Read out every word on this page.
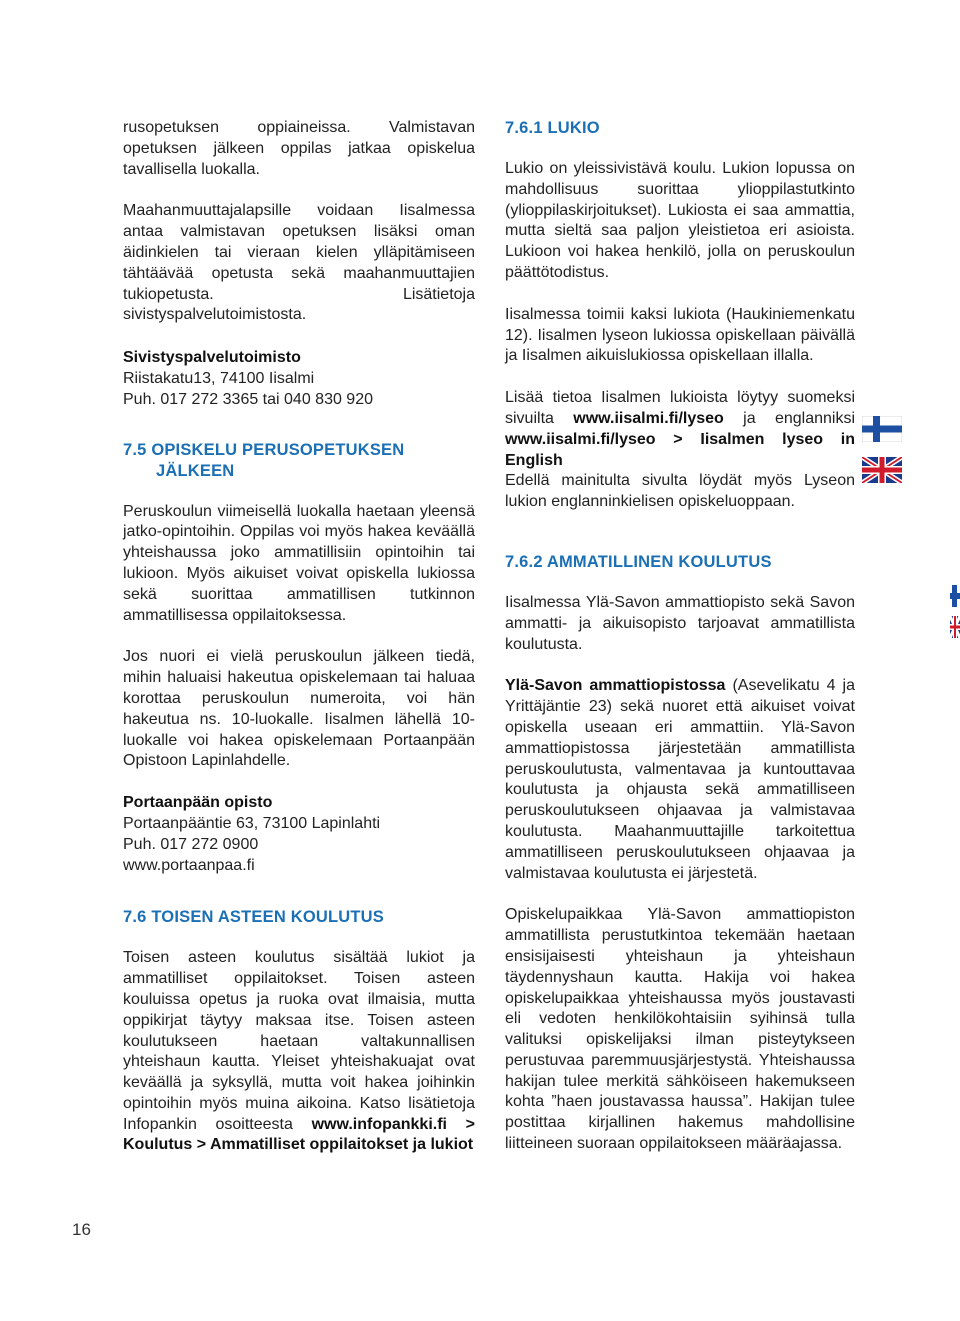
rusopetuksen oppiaineissa. Valmistavan opetuksen jälkeen oppilas jatkaa opiskelua tavallisella luokalla.

Maahanmuuttajalapsille voidaan Iisalmessa antaa valmistavan opetuksen lisäksi oman äidinkielen tai vieraan kielen ylläpitämiseen tähtäävää opetusta sekä maahanmuuttajien tukiopetusta. Lisätietoja sivistyspalvelutoimistosta.

Sivistyspalvelutoimisto
Riistakatu13, 74100 Iisalmi
Puh. 017 272 3365 tai 040 830 920
7.5 OPISKELU PERUSOPETUKSEN
JÄLKEEN

Peruskoulun viimeisellä luokalla haetaan yleensä jatko-opintoihin. Oppilas voi myös hakea keväällä yhteishaussa joko ammatillisiin opintoihin tai lukioon. Myös aikuiset voivat opiskella lukiossa sekä suorittaa ammatillisen tutkinnon ammatillisessa oppilaitoksessa.

Jos nuori ei vielä peruskoulun jälkeen tiedä, mihin haluaisi hakeutua opiskelemaan tai haluaa korottaa peruskoulun numeroita, voi hän hakeutua ns. 10-luokalle. Iisalmen lähellä 10-luokalle voi hakea opiskelemaan Portaanpään Opistoon Lapinlahdelle.

Portaanpään opisto
Portaanpääntie 63, 73100 Lapinlahti
Puh. 017 272 0900
www.portaanpaa.fi
7.6 TOISEN ASTEEN KOULUTUS

Toisen asteen koulutus sisältää lukiot ja ammatilliset oppilaitokset. Toisen asteen kouluissa opetus ja ruoka ovat ilmaisia, mutta oppikirjat täytyy maksaa itse. Toisen asteen koulutukseen haetaan valtakunnallisen yhteishaun kautta. Yleiset yhteishakuajat ovat keväällä ja syksyllä, mutta voit hakea joihinkin opintoihin myös muina aikoina. Katso lisätietoja Infopankin osoitteesta www.infopankki.fi > Koulutus > Ammatilliset oppilaitokset ja lukiot

7.6.1 LUKIO

Lukio on yleissivistävä koulu. Lukion lopussa on mahdollisuus suorittaa ylioppilastutkinto (ylioppilaskirjoitukset). Lukiosta ei saa ammattia, mutta sieltä saa paljon yleistietoa eri asioista. Lukioon voi hakea henkilö, jolla on peruskoulun päättötodistus.

Iisalmessa toimii kaksi lukiota (Haukiniemenkatu 12). Iisalmen lyseon lukiossa opiskellaan päivällä ja Iisalmen aikuislukiossa opiskellaan illalla.

Lisää tietoa Iisalmen lukioista löytyy suomeksi sivuilta www.iisalmi.fi/lyseo ja englanniksi www.iisalmi.fi/lyseo > Iisalmen lyseo in English

Edellä mainitulta sivulta löydät myös Lyseon lukion englanninkielisen opiskeluoppaan.

7.6.2 AMMATILLINEN KOULUTUS

Iisalmessa Ylä-Savon ammattiopisto sekä Savon ammatti- ja aikuisopisto tarjoavat ammatillista koulutusta.

Ylä-Savon ammattiopistossa (Asevelikatu 4 ja Yrittäjäntie 23) sekä nuoret että aikuiset voivat opiskella useaan eri ammattiin. Ylä-Savon ammattiopistossa järjestetään ammatillista peruskoulutusta, valmentavaa ja kuntouttavaa koulutusta ja ohjausta sekä ammatilliseen peruskoulutukseen ohjaavaa ja valmistavaa koulutusta. Maahanmuuttajille tarkoitettua ammatilliseen peruskoulutukseen ohjaavaa ja valmistavaa koulutusta ei järjestetä.

Opiskelupaikkaa Ylä-Savon ammattiopiston ammatillista perustutkintoa tekemään haetaan ensisijaisesti yhteishaun ja yhteishaun täydennyshaun kautta. Hakija voi hakea opiskelupaikkaa yhteishaussa myös joustavasti eli vedoten henkilökohtaisiin syihinsä tulla valituksi opiskelijaksi ilman pisteytykseen perustuvaa paremmuusjärjestystä. Yhteishaussa hakijan tulee merkitä sähköiseen hakemukseen kohta ”haen joustavassa haussa”. Hakijan tulee postittaa kirjallinen hakemus mahdollisine liitteineen suoraan oppilaitokseen määräajassa.

16
